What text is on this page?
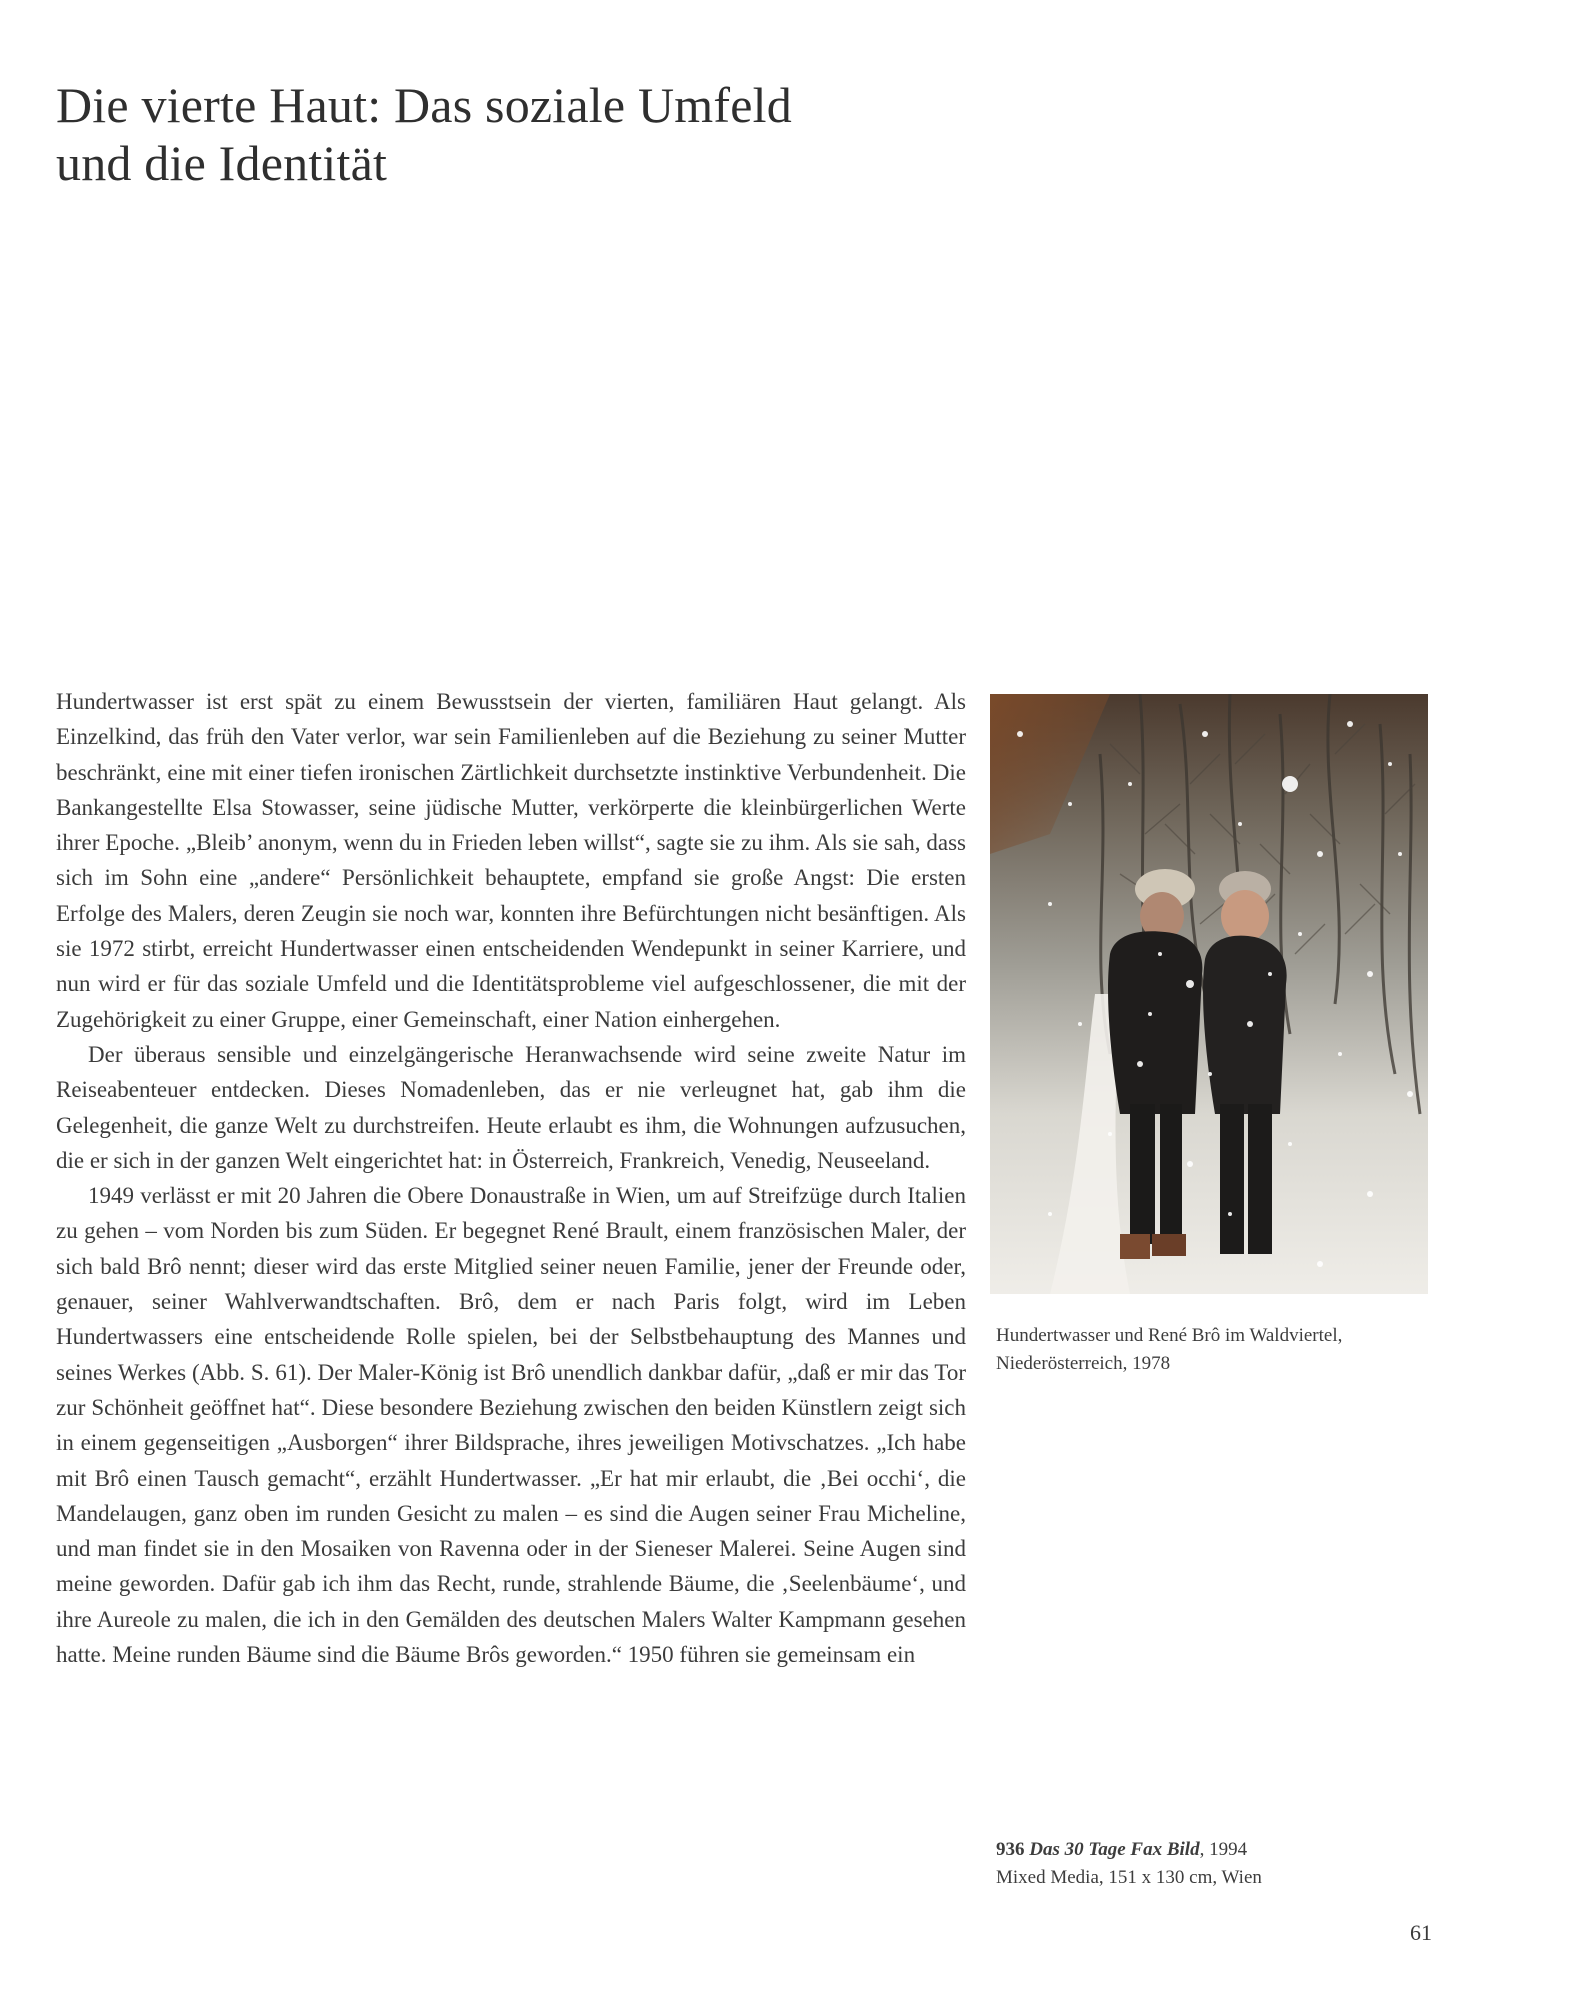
Die vierte Haut: Das soziale Umfeld
und die Identität

Hundertwasser ist erst spät zu einem Bewusstsein der vierten, familiären Haut gelangt. Als Einzelkind, das früh den Vater verlor, war sein Familienleben auf die Beziehung zu seiner Mutter beschränkt, eine mit einer tiefen ironischen Zärtlichkeit durchsetzte instinktive Verbundenheit. Die Bankangestellte Elsa Stowasser, seine jüdische Mutter, verkörperte die kleinbürgerlichen Werte ihrer Epoche. „Bleib’ anonym, wenn du in Frieden leben willst“, sagte sie zu ihm. Als sie sah, dass sich im Sohn eine „andere“ Persönlichkeit behauptete, empfand sie große Angst: Die ersten Erfolge des Malers, deren Zeugin sie noch war, konnten ihre Befürchtungen nicht besänftigen. Als sie 1972 stirbt, erreicht Hundertwasser einen entscheidenden Wendepunkt in seiner Karriere, und nun wird er für das soziale Umfeld und die Identitätsprobleme viel aufgeschlossener, die mit der Zugehörigkeit zu einer Gruppe, einer Gemeinschaft, einer Nation einhergehen.

Der überaus sensible und einzelgängerische Heranwachsende wird seine zweite Natur im Reiseabenteuer entdecken. Dieses Nomadenleben, das er nie verleugnet hat, gab ihm die Gelegenheit, die ganze Welt zu durchstreifen. Heute erlaubt es ihm, die Wohnungen aufzusuchen, die er sich in der ganzen Welt eingerichtet hat: in Österreich, Frankreich, Venedig, Neuseeland.

1949 verlässt er mit 20 Jahren die Obere Donaustraße in Wien, um auf Streifzüge durch Italien zu gehen – vom Norden bis zum Süden. Er begegnet René Brault, einem französischen Maler, der sich bald Brô nennt; dieser wird das erste Mitglied seiner neuen Familie, jener der Freunde oder, genauer, seiner Wahlverwandtschaften. Brô, dem er nach Paris folgt, wird im Leben Hundertwassers eine entscheidende Rolle spielen, bei der Selbstbehauptung des Mannes und seines Werkes (Abb. S. 61). Der Maler-König ist Brô unendlich dankbar dafür, „daß er mir das Tor zur Schönheit geöffnet hat“. Diese besondere Beziehung zwischen den beiden Künstlern zeigt sich in einem gegenseitigen „Ausborgen“ ihrer Bildsprache, ihres jeweiligen Motivschatzes. „Ich habe mit Brô einen Tausch gemacht“, erzählt Hundertwasser. „Er hat mir erlaubt, die ‚Bei occhi‘, die Mandelaugen, ganz oben im runden Gesicht zu malen – es sind die Augen seiner Frau Micheline, und man findet sie in den Mosaiken von Ravenna oder in der Sieneser Malerei. Seine Augen sind meine geworden. Dafür gab ich ihm das Recht, runde, strahlende Bäume, die ‚Seelenbäume‘, und ihre Aureole zu malen, die ich in den Gemälden des deutschen Malers Walter Kampmann gesehen hatte. Meine runden Bäume sind die Bäume Brôs geworden.“ 1950 führen sie gemeinsam ein

Hundertwasser und René Brô im Waldviertel,
Niederösterreich, 1978
936 Das 30 Tage Fax Bild, 1994
Mixed Media, 151 x 130 cm, Wien
61
